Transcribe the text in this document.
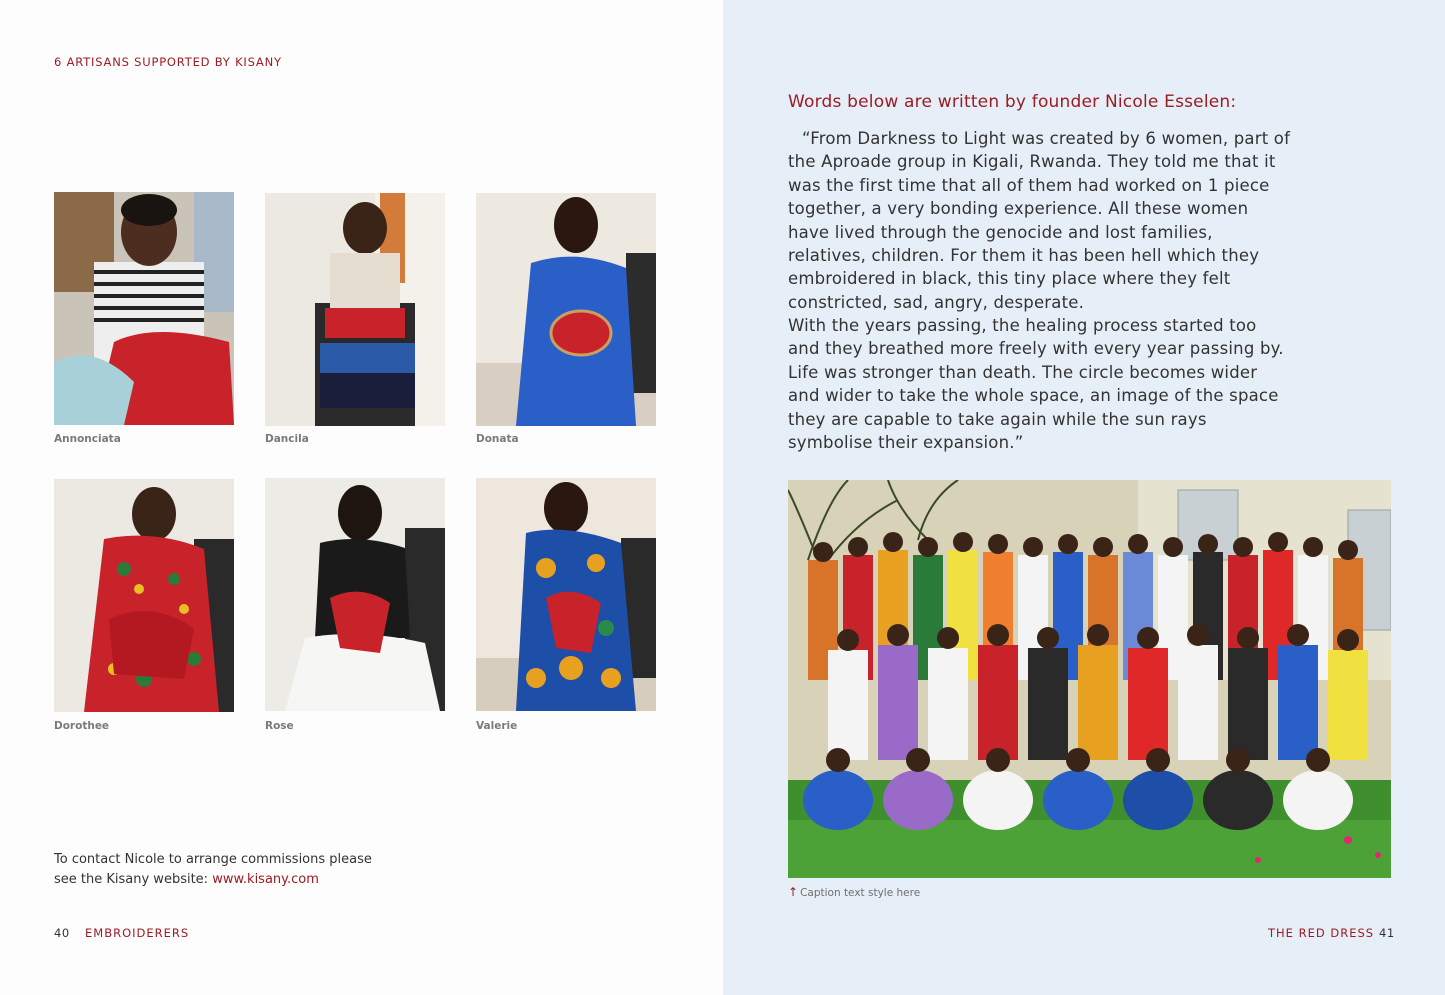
6 ARTISANS SUPPORTED BY KISANY
Annonciata	Dancila	Donata
Dorothee	Rose	Valerie
To contact Nicole to arrange commissions please see the Kisany website: www.kisany.com
40 EMBROIDERERS
Words below are written by founder Nicole Esselen:
“From Darkness to Light was created by 6 women, part of the Aproade group in Kigali, Rwanda. They told me that it was the first time that all of them had worked on 1 piece together, a very bonding experience. All these women have lived through the genocide and lost families, relatives, children. For them it has been hell which they embroidered in black, this tiny place where they felt constricted, sad, angry, desperate.
With the years passing, the healing process started too and they breathed more freely with every year passing by. Life was stronger than death. The circle becomes wider and wider to take the whole space, an image of the space they are capable to take again while the sun rays symbolise their expansion.”
↑ Caption text style here
THE RED DRESS 41
